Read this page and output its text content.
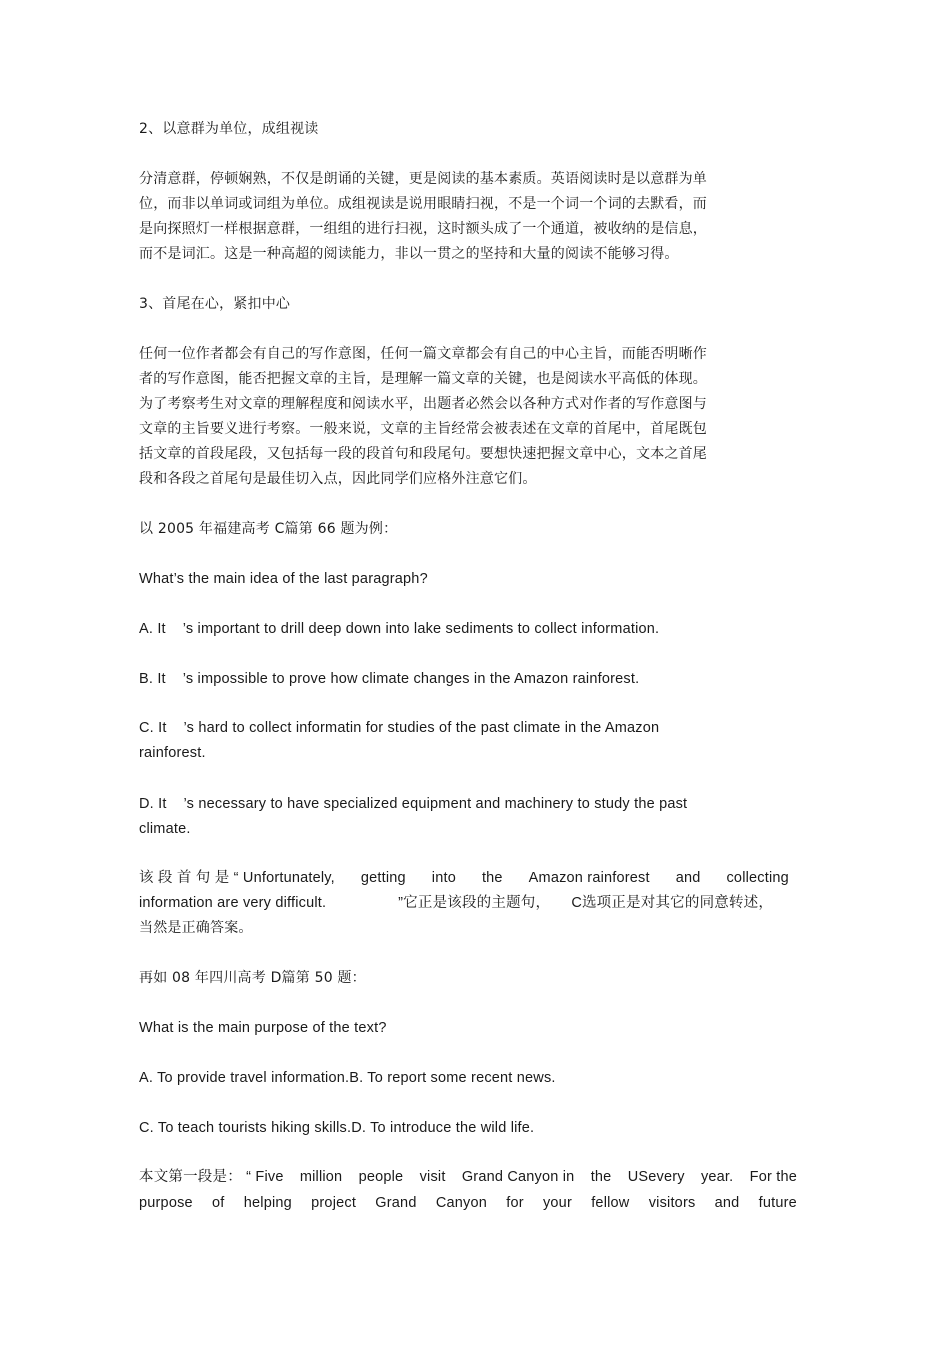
2、以意群为单位，成组视读
分清意群，停顿娴熟，不仅是朗诵的关键，更是阅读的基本素质。英语阅读时是以意群为单
位，而非以单词或词组为单位。成组视读是说用眼睛扫视，不是一个词一个词的去默看，而
是向探照灯一样根据意群，一组组的进行扫视，这时额头成了一个通道，被收纳的是信息，
而不是词汇。这是一种高超的阅读能力，非以一贯之的坚持和大量的阅读不能够习得。
3、首尾在心，紧扣中心
任何一位作者都会有自己的写作意图，任何一篇文章都会有自己的中心主旨，而能否明晰作
者的写作意图，能否把握文章的主旨，是理解一篇文章的关键，也是阅读水平高低的体现。
为了考察考生对文章的理解程度和阅读水平，出题者必然会以各种方式对作者的写作意图与
文章的主旨要义进行考察。一般来说，文章的主旨经常会被表述在文章的首尾中，首尾既包
括文章的首段尾段，又包括每一段的段首句和段尾句。要想快速把握文章中心，文本之首尾
段和各段之首尾句是最佳切入点，因此同学们应格外注意它们。
以 2005 年福建高考 C篇第 66 题为例：
What’s the main idea of the last paragraph?
A. It    ’s important to drill deep down into lake sediments to collect information.
B. It    ’s impossible to prove how climate changes in the Amazon rainforest.
C. It    ’s hard to collect informatin for studies of the past climate in the Amazon
rainforest.
D. It    ’s necessary to have specialized equipment and machinery to study the past
climate.
该 段 首 句 是 “ Unfortunately, getting into the Amazon rainforest and collecting
information are very difficult.                 ”它正是该段的主题句，     C选项正是对其它的同意转述，
当然是正确答案。
再如 08 年四川高考 D篇第 50 题：
What is the main purpose of the text?
A. To provide travel information.B. To report some recent news.
C. To teach tourists hiking skills.D. To introduce the wild life.
本文第一段是： “ Five million people visit Grand Canyon in the USevery year. For the
purpose of helping project Grand Canyon for your fellow visitors and future
